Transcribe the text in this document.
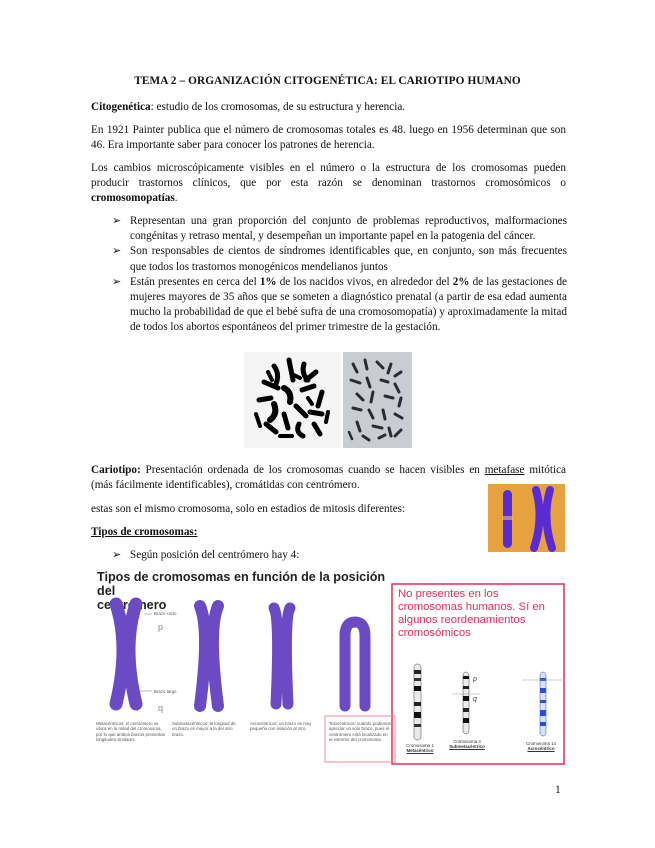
TEMA 2 – ORGANIZACIÓN CITOGENÉTICA: EL CARIOTIPO HUMANO

Citogenética: estudio de los cromosomas, de su estructura y herencia.

En 1921 Painter publica que el número de cromosomas totales es 48. luego en 1956 determinan que son 46. Era importante saber para conocer los patrones de herencia.

Los cambios microscópicamente visibles en el número o la estructura de los cromosomas pueden producir trastornos clínicos, que por esta razón se denominan trastornos cromosómicos o cromosomopatías.

➢ Representan una gran proporción del conjunto de problemas reproductivos, malformaciones congénitas y retraso mental, y desempeñan un importante papel en la patogenia del cáncer.
➢ Son responsables de cientos de síndromes identificables que, en conjunto, son más frecuentes que todos los trastornos monogénicos mendelianos juntos
➢ Están presentes en cerca del 1% de los nacidos vivos, en alrededor del 2% de las gestaciones de mujeres mayores de 35 años que se someten a diagnóstico prenatal (a partir de esa edad aumenta mucho la probabilidad de que el bebé sufra de una cromosomopatía) y aproximadamente la mitad de todos los abortos espontáneos del primer trimestre de la gestación.

Cariotipo: Presentación ordenada de los cromosomas cuando se hacen visibles en metafase mitótica (más fácilmente identificables), cromátidas con centrómero.

estas son el mismo cromosoma, solo en estadios de mitosis diferentes:

Tipos de cromosomas:

➢ Según posición del centrómero hay 4:
Tipos de cromosomas en función de la posición del
centrómero
Brazo corto
p
Brazo largo
q
Metacéntricos: el centrómero se ubica en la mitad del cromosoma, por lo que ambos brazos presentan longitudes similares.
Submetacéntricos: la longitud de un brazo es mayor a la del otro brazo.
Acrocéntricos: un brazo es muy pequeño con relación al otro.
Telocéntricos: cuando podemos apreciar un solo brazo, pues el centrómero está localizado en el extremo del cromosoma.
No presentes en los cromosomas humanos. Sí en algunos reordenamientos cromosómicos
p
q
Cromosoma 1
Metacéntrico
Cromosoma 4
Submetacéntrico
Cromosoma 14
Acrocéntrico
1
